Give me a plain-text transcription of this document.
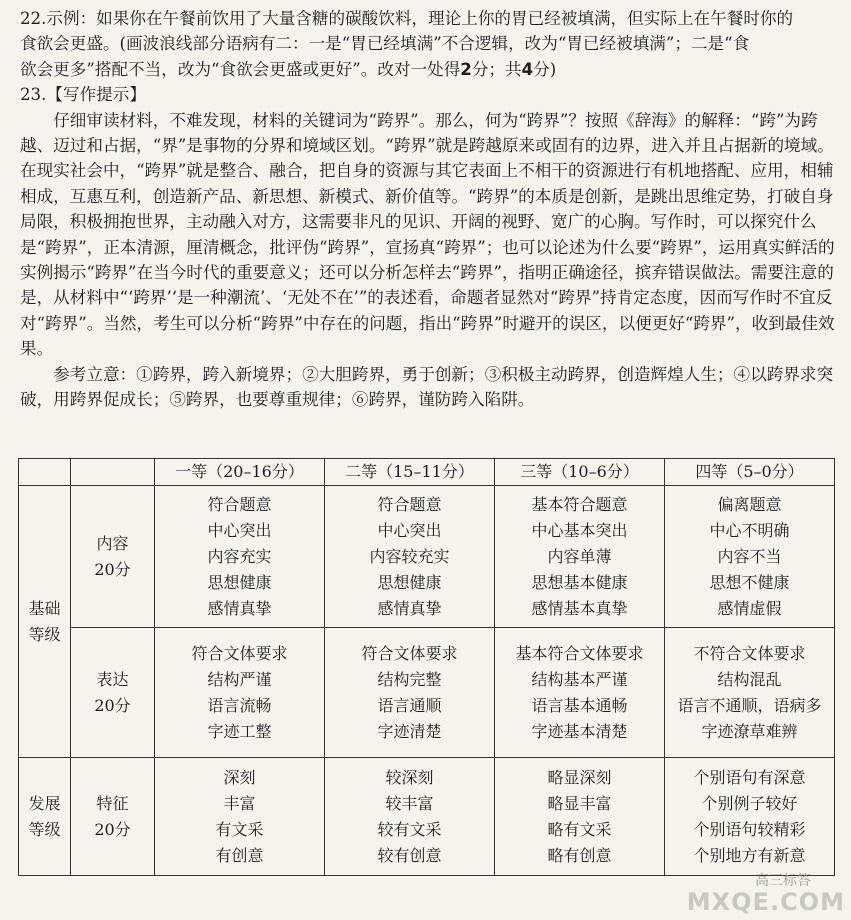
22.示例：如果你在午餐前饮用了大量含糖的碳酸饮料，理论上你的胃已经被填满，但实际上在午餐时你的

食欲会更盛。(画波浪线部分语病有二：一是“胃已经填满”不合逻辑，改为“胃已经被填满”；二是“食

欲会更多”搭配不当，改为“食欲会更盛或更好”。改对一处得2分；共4分)

23.【写作提示】

仔细审读材料，不难发现，材料的关键词为“跨界”。那么，何为“跨界”？按照《辞海》的解释：“跨”为跨越、迈过和占据，“界”是事物的分界和境域区划。“跨界”就是跨越原来或固有的边界，进入并且占据新的境域。在现实社会中，“跨界”就是整合、融合，把自身的资源与其它表面上不相干的资源进行有机地搭配、应用，相辅相成，互惠互利，创造新产品、新思想、新模式、新价值等。“跨界”的本质是创新，是跳出思维定势，打破自身局限，积极拥抱世界，主动融入对方，这需要非凡的见识、开阔的视野、宽广的心胸。写作时，可以探究什么是“跨界”，正本清源，厘清概念，批评伪“跨界”，宣扬真“跨界”；也可以论述为什么要“跨界”，运用真实鲜活的实例揭示“跨界”在当今时代的重要意义；还可以分析怎样去“跨界”，指明正确途径，摈弃错误做法。需要注意的是，从材料中“‘跨界’‘是一种潮流’、‘无处不在’”的表述看，命题者显然对“跨界”持肯定态度，因而写作时不宜反对“跨界”。当然，考生可以分析“跨界”中存在的问题，指出“跨界”时避开的误区，以便更好“跨界”，收到最佳效果。

参考立意：①跨界，跨入新境界；②大胆跨界，勇于创新；③积极主动跨界，创造辉煌人生；④以跨界求突破，用跨界促成长；⑤跨界，也要尊重规律；⑥跨界，谨防跨入陷阱。

		一等（20–16分）	二等（15–11分）	三等（10–6分）	四等（5–0分）

基础
等级	内容
20分	符合题意
中心突出
内容充实
思想健康
感情真挚	符合题意
中心突出
内容较充实
思想健康
感情真挚	基本符合题意
中心基本突出
内容单薄
思想基本健康
感情基本真挚	偏离题意
中心不明确
内容不当
思想不健康
感情虚假

	表达
20分	符合文体要求
结构严谨
语言流畅
字迹工整	符合文体要求
结构完整
语言通顺
字迹清楚	基本符合文体要求
结构基本严谨
语言基本通畅
字迹基本清楚	不符合文体要求
结构混乱
语言不通顺，语病多
字迹潦草难辨

发展
等级	特征
20分	深刻
丰富
有文采
有创意	较深刻
较丰富
较有文采
较有创意	略显深刻
略显丰富
略有文采
略有创意	个别语句有深意
个别例子较好
个别语句较精彩
个别地方有新意
高三标答
MXQE.COM
